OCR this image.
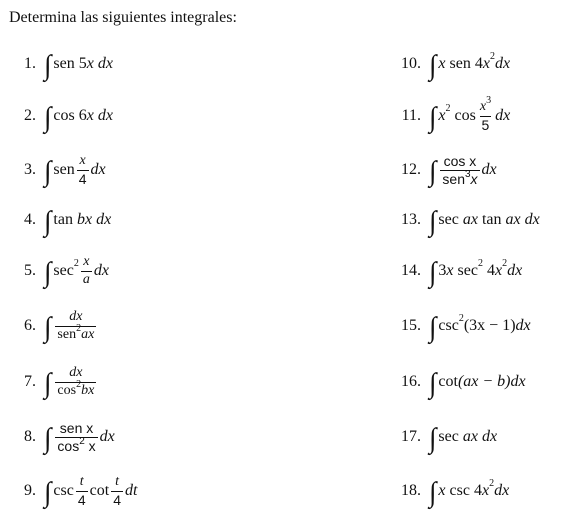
Determina las siguientes integrales:
1. ∫ sen
5 x
dx
2. ∫ cos
6 x
dx
3. ∫ sen $\frac{x}{4}$ dx
4. ∫ tan
b x
dx
5. ∫ $\sec^2 \frac{x}{a}$ dx
6. ∫ $\frac{dx}{sen^2ax}$
7. ∫ $\frac{dx}{\cos^2bx}$
8. ∫ $\frac{\text{sen x}}{\cos^2 x}$ dx
9. ∫ $\csc \frac{t}{4}$ $\cot \frac{t}{4}$ dt
10. ∫ x
sen
4 $x^2$ dx
11. ∫ $x^2$
$\cos \frac{x^3}{5}$ dx
12. ∫ $\frac{\text{cos x}}{sen^3x}$ dx
13. ∫ sec
ax
tan
ax
dx
14. ∫ 3 x
$\sec^2$
4 $x^2$ dx
15. ∫ $\csc^2 (3x - 1)$ dx
16. ∫ cot (ax − b) dx
17. ∫ sec
ax
dx
18. ∫ x
csc
4 $x^2$ dx
